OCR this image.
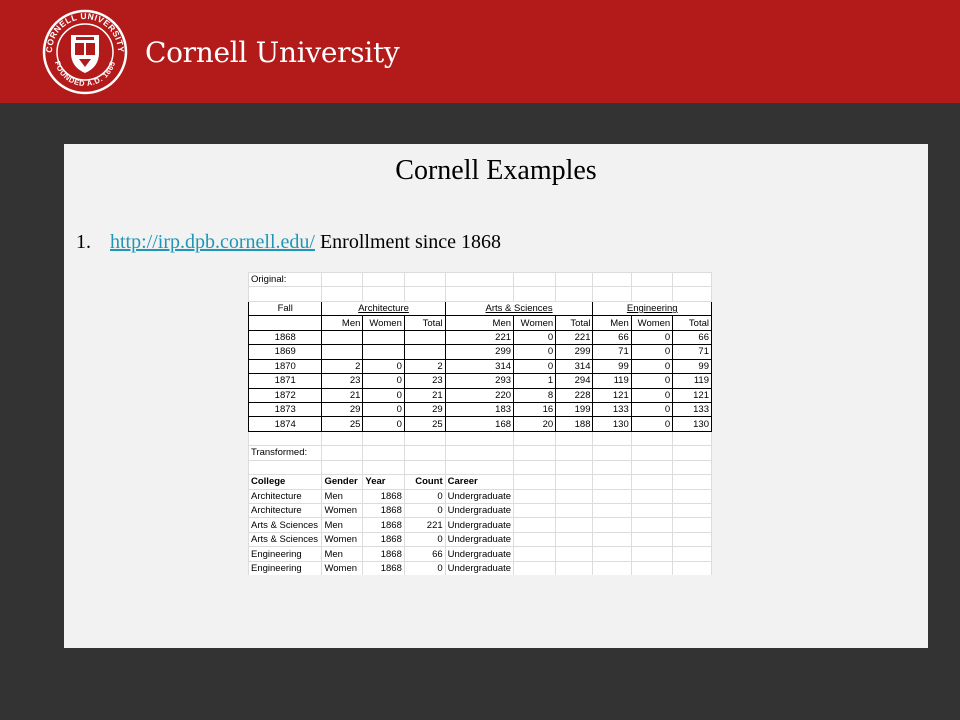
CORNELL UNIVERSITY
FOUNDED A.D. 1865 Cornell University
Cornell Examples
1. http://irp.dpb.cornell.edu/ Enrollment since 1868
Original:									

Fall	Architecture			Arts & Sciences			Engineering		
	Men	Women	Total	Men	Women	Total	Men	Women	Total
1868				221	0	221	66	0	66
1869				299	0	299	71	0	71
1870	2	0	2	314	0	314	99	0	99
1871	23	0	23	293	1	294	119	0	119
1872	21	0	21	220	8	228	121	0	121
1873	29	0	29	183	16	199	133	0	133
1874	25	0	25	168	20	188	130	0	130

Transformed:									

College	Gender	Year	Count	Career					
Architecture	Men	1868	0	Undergraduate					
Architecture	Women	1868	0	Undergraduate					
Arts & Sciences	Men	1868	221	Undergraduate					
Arts & Sciences	Women	1868	0	Undergraduate					
Engineering	Men	1868	66	Undergraduate					
Engineering	Women	1868	0	Undergraduate					
